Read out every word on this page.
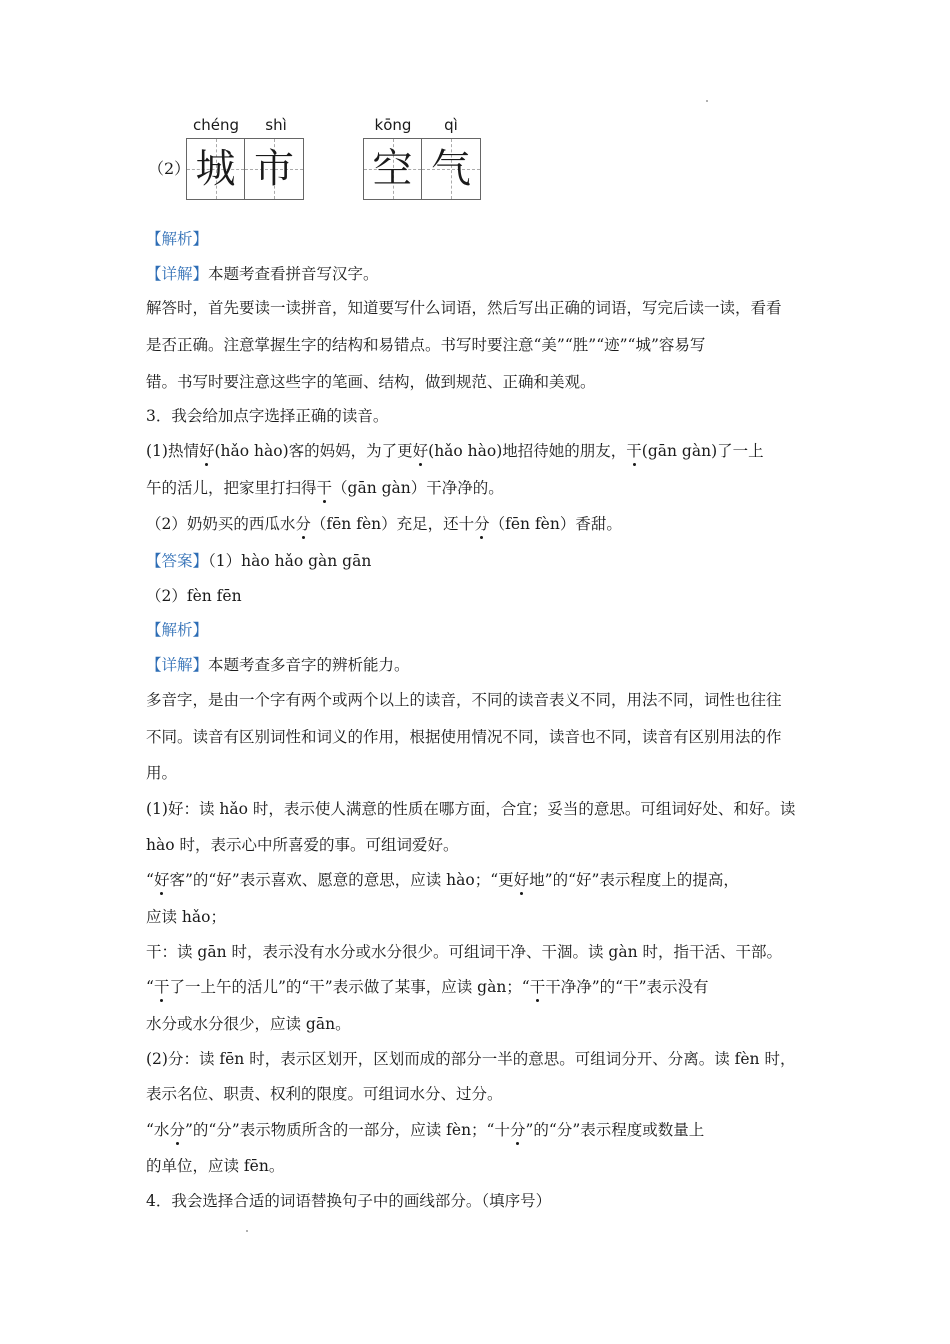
（2）
chéng	shì
城 市
kōng	qì
空 气
【解析】
【详解】本题考查看拼音写汉字。
解答时，首先要读一读拼音，知道要写什么词语，然后写出正确的词语，写完后读一读，看看
是否正确。注意掌握生字的结构和易错点。书写时要注意“美”“胜”“迹”“城”容易写
错。书写时要注意这些字的笔画、结构，做到规范、正确和美观。
3．我会给加点字选择正确的读音。
(1)热情好(hǎo hào)客的妈妈，为了更好(hǎo hào)地招待她的朋友，干(gān gàn)了一上
午的活儿，把家里打扫得干（gān gàn）干净净的。
（2）奶奶买的西瓜水分（fēn fèn）充足，还十分（fēn fèn）香甜。
【答案】（1）hào hǎo gàn gān
（2）fèn fēn
【解析】
【详解】本题考查多音字的辨析能力。
多音字，是由一个字有两个或两个以上的读音，不同的读音表义不同，用法不同，词性也往往
不同。读音有区别词性和词义的作用，根据使用情况不同，读音也不同，读音有区别用法的作
用。
(1)好：读 hǎo 时，表示使人满意的性质在哪方面，合宜；妥当的意思。可组词好处、和好。读
hào 时，表示心中所喜爱的事。可组词爱好。
“好客”的“好”表示喜欢、愿意的意思，应读 hào；“更好地”的“好”表示程度上的提高，
应读 hǎo；
干：读 gān 时，表示没有水分或水分很少。可组词干净、干涸。读 gàn 时，指干活、干部。
“干了一上午的活儿”的“干”表示做了某事，应读 gàn；“干干净净”的“干”表示没有
水分或水分很少，应读 gān。
(2)分：读 fēn 时，表示区划开，区划而成的部分一半的意思。可组词分开、分离。读 fèn 时，
表示名位、职责、权利的限度。可组词水分、过分。
“水分”的“分”表示物质所含的一部分，应读 fèn；“十分”的“分”表示程度或数量上
的单位，应读 fēn。
4．我会选择合适的词语替换句子中的画线部分。（填序号）
